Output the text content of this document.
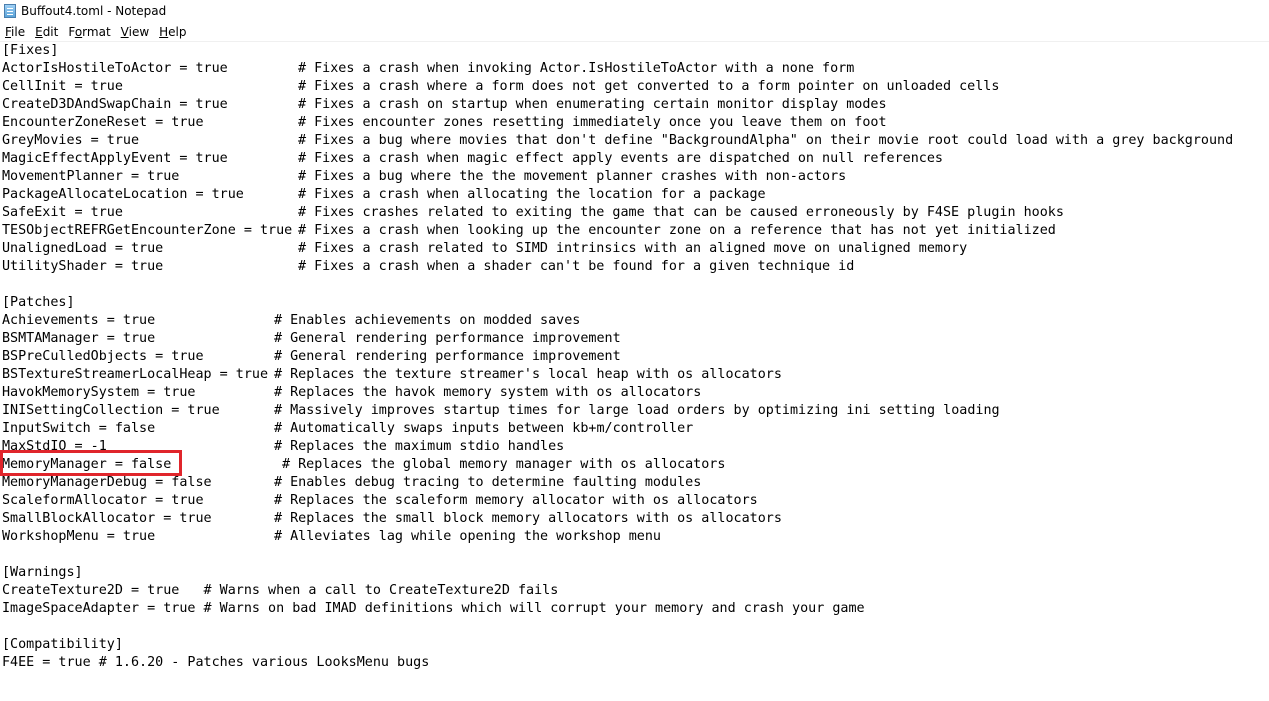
Buffout4.toml - Notepad
File Edit Format View Help
[Fixes]
ActorIsHostileToActor = true	# Fixes a crash when invoking Actor.IsHostileToActor with a none form
CellInit = true	# Fixes a crash where a form does not get converted to a form pointer on unloaded cells
CreateD3DAndSwapChain = true	# Fixes a crash on startup when enumerating certain monitor display modes
EncounterZoneReset = true	# Fixes encounter zones resetting immediately once you leave them on foot
GreyMovies = true	# Fixes a bug where movies that don't define "BackgroundAlpha" on their movie root could load with a grey background
MagicEffectApplyEvent = true	# Fixes a crash when magic effect apply events are dispatched on null references
MovementPlanner = true	# Fixes a bug where the the movement planner crashes with non-actors
PackageAllocateLocation = true	# Fixes a crash when allocating the location for a package
SafeExit = true	# Fixes crashes related to exiting the game that can be caused erroneously by F4SE plugin hooks
TESObjectREFRGetEncounterZone = true # Fixes a crash when looking up the encounter zone on a reference that has not yet initialized
UnalignedLoad = true	# Fixes a crash related to SIMD intrinsics with an aligned move on unaligned memory
UtilityShader = true	# Fixes a crash when a shader can't be found for a given technique id
[Patches]
Achievements = true	# Enables achievements on modded saves
BSMTAManager = true	# General rendering performance improvement
BSPreCulledObjects = true	# General rendering performance improvement
BSTextureStreamerLocalHeap = true # Replaces the texture streamer's local heap with os allocators
HavokMemorySystem = true	# Replaces the havok memory system with os allocators
INISettingCollection = true	# Massively improves startup times for large load orders by optimizing ini setting loading
InputSwitch = false	# Automatically swaps inputs between kb+m/controller
MaxStdIO = -1	# Replaces the maximum stdio handles
MemoryManager = false	# Replaces the global memory manager with os allocators
MemoryManagerDebug = false	# Enables debug tracing to determine faulting modules
ScaleformAllocator = true	# Replaces the scaleform memory allocator with os allocators
SmallBlockAllocator = true	# Replaces the small block memory allocators with os allocators
WorkshopMenu = true	# Alleviates lag while opening the workshop menu
[Warnings]
CreateTexture2D = true   # Warns when a call to CreateTexture2D fails
ImageSpaceAdapter = true # Warns on bad IMAD definitions which will corrupt your memory and crash your game
[Compatibility]
F4EE = true # 1.6.20 - Patches various LooksMenu bugs
